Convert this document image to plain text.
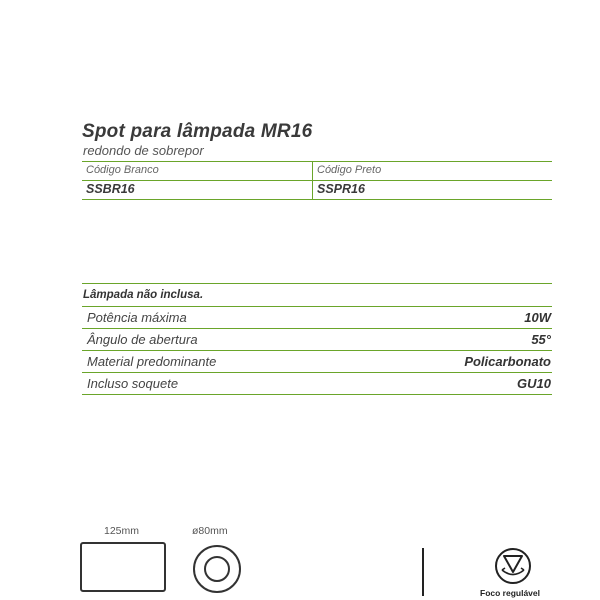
Spot para lâmpada MR16
redondo de sobrepor
Código Branco
SSBR16
Código Preto
SSPR16
Lâmpada não inclusa.
Potência máxima	10W
Ângulo de abertura	55°
Material predominante	Policarbonato
Incluso soquete	GU10
125mm	ø80mm
Foco regulável
